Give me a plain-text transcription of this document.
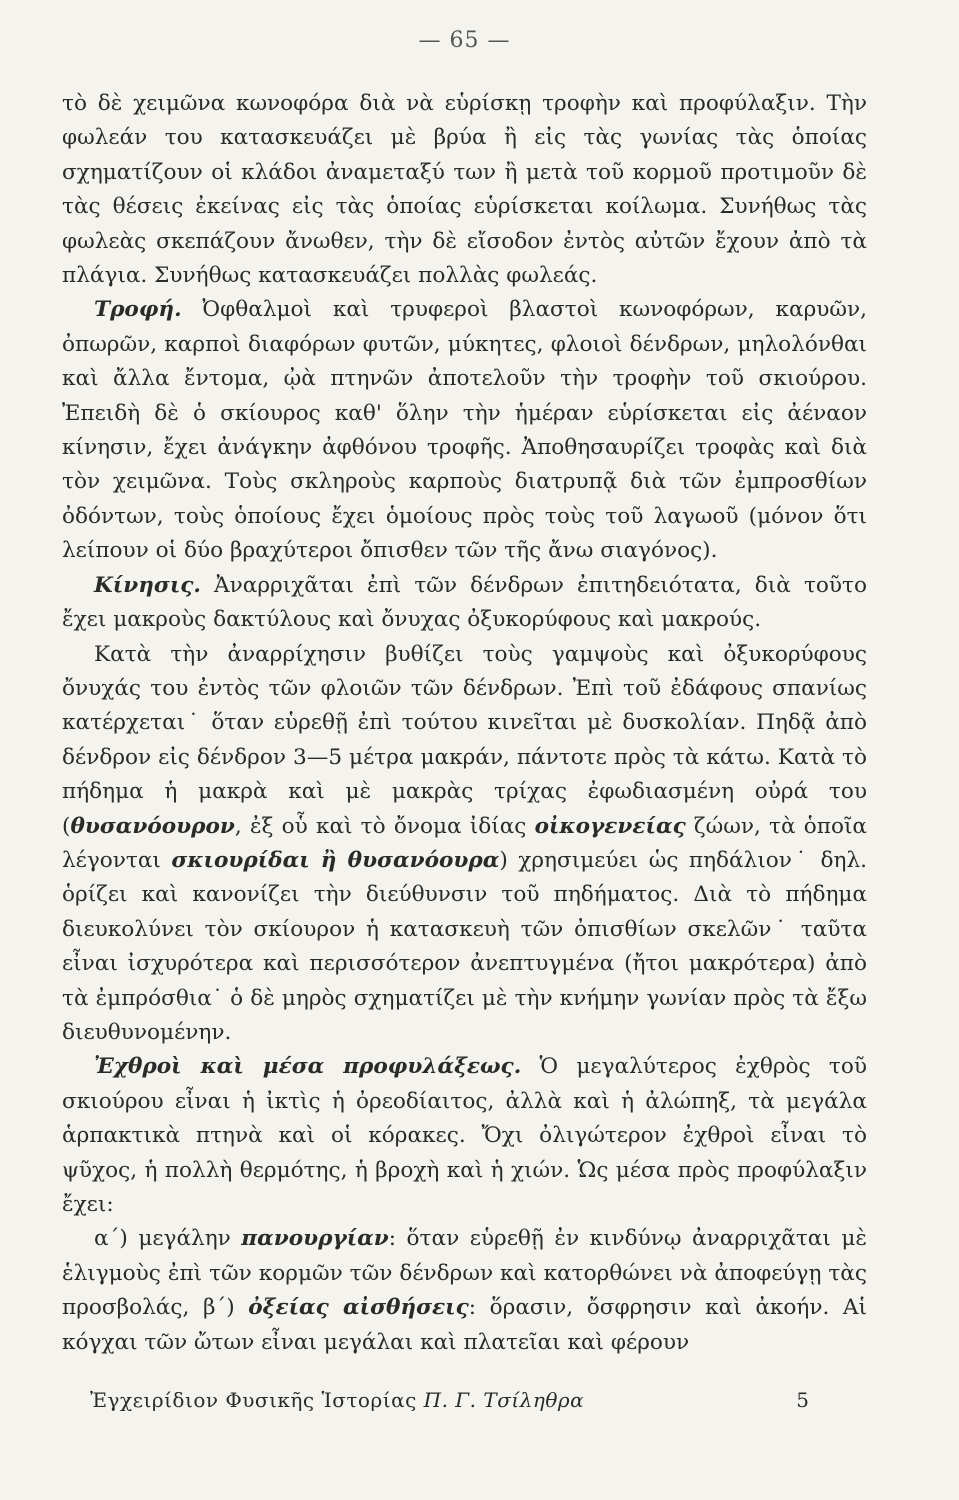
— 65 —

τὸ δὲ χειμῶνα κωνοφόρα διὰ νὰ εὑρίσκῃ τροφὴν καὶ προφύλαξιν. Τὴν φωλεάν του κατασκευάζει μὲ βρύα ἢ εἰς τὰς γωνίας τὰς ὁποίας σχηματίζουν οἱ κλάδοι ἀναμεταξύ των ἢ μετὰ τοῦ κορμοῦ προτιμοῦν δὲ τὰς θέσεις ἐκείνας εἰς τὰς ὁποίας εὑρίσκεται κοίλωμα. Συνήθως τὰς φωλεὰς σκεπάζουν ἄνωθεν, τὴν δὲ εἴσοδον ἐντὸς αὐτῶν ἔχουν ἀπὸ τὰ πλάγια. Συνήθως κατασκευάζει πολλὰς φωλεάς.

Τροφή. Ὀφθαλμοὶ καὶ τρυφεροὶ βλαστοὶ κωνοφόρων, καρυῶν, ὀπωρῶν, καρποὶ διαφόρων φυτῶν, μύκητες, φλοιοὶ δένδρων, μηλολόνθαι καὶ ἄλλα ἔντομα, ᾠὰ πτηνῶν ἀποτελοῦν τὴν τροφὴν τοῦ σκιούρου. Ἐπειδὴ δὲ ὁ σκίουρος καθ' ὅλην τὴν ἡμέραν εὑρίσκεται εἰς ἀέναον κίνησιν, ἔχει ἀνάγκην ἀφθόνου τροφῆς. Ἀποθησαυρίζει τροφὰς καὶ διὰ τὸν χειμῶνα. Τοὺς σκληροὺς καρποὺς διατρυπᾷ διὰ τῶν ἐμπροσθίων ὀδόντων, τοὺς ὁποίους ἔχει ὁμοίους πρὸς τοὺς τοῦ λαγωοῦ (μόνον ὅτι λείπουν οἱ δύο βραχύτεροι ὄπισθεν τῶν τῆς ἄνω σιαγόνος).

Κίνησις. Ἀναρριχᾶται ἐπὶ τῶν δένδρων ἐπιτηδειότατα, διὰ τοῦτο ἔχει μακροὺς δακτύλους καὶ ὄνυχας ὀξυκορύφους καὶ μακρούς.

Κατὰ τὴν ἀναρρίχησιν βυθίζει τοὺς γαμψοὺς καὶ ὀξυκορύφους ὄνυχάς του ἐντὸς τῶν φλοιῶν τῶν δένδρων. Ἐπὶ τοῦ ἐδάφους σπανίως κατέρχεται˙ ὅταν εὑρεθῇ ἐπὶ τούτου κινεῖται μὲ δυσκολίαν. Πηδᾷ ἀπὸ δένδρον εἰς δένδρον 3—5 μέτρα μακράν, πάντοτε πρὸς τὰ κάτω. Κατὰ τὸ πήδημα ἡ μακρὰ καὶ μὲ μακρὰς τρίχας ἐφωδιασμένη οὐρά του (θυσανόουρον, ἐξ οὗ καὶ τὸ ὄνομα ἰδίας οἰκογενείας ζώων, τὰ ὁποῖα λέγονται σκιουρίδαι ἢ θυσανόουρα) χρησιμεύει ὡς πηδάλιον˙ δηλ. ὁρίζει καὶ κανονίζει τὴν διεύθυνσιν τοῦ πηδήματος. Διὰ τὸ πήδημα διευκολύνει τὸν σκίουρον ἡ κατασκευὴ τῶν ὀπισθίων σκελῶν˙ ταῦτα εἶναι ἰσχυρότερα καὶ περισσότερον ἀνεπτυγμένα (ἤτοι μακρότερα) ἀπὸ τὰ ἐμπρόσθια˙ ὁ δὲ μηρὸς σχηματίζει μὲ τὴν κνήμην γωνίαν πρὸς τὰ ἔξω διευθυνομένην.

Ἐχθροὶ καὶ μέσα προφυλάξεως. Ὁ μεγαλύτερος ἐχθρὸς τοῦ σκιούρου εἶναι ἡ ἰκτὶς ἡ ὀρεοδίαιτος, ἀλλὰ καὶ ἡ ἀλώπηξ, τὰ μεγάλα ἁρπακτικὰ πτηνὰ καὶ οἱ κόρακες. Ὄχι ὀλιγώτερον ἐχθροὶ εἶναι τὸ ψῦχος, ἡ πολλὴ θερμότης, ἡ βροχὴ καὶ ἡ χιών. Ὡς μέσα πρὸς προφύλαξιν ἔχει:

α΄) μεγάλην πανουργίαν: ὅταν εὑρεθῇ ἐν κινδύνῳ ἀναρριχᾶται μὲ ἑλιγμοὺς ἐπὶ τῶν κορμῶν τῶν δένδρων καὶ κατορθώνει νὰ ἀποφεύγῃ τὰς προσβολάς, β΄) ὀξείας αἰσθήσεις: ὅρασιν, ὄσφρησιν καὶ ἀκοήν. Αἱ κόγχαι τῶν ὤτων εἶναι μεγάλαι καὶ πλατεῖαι καὶ φέρουν

Ἐγχειρίδιον Φυσικῆς Ἱστορίας Π. Γ. Τσίληθρα	5
